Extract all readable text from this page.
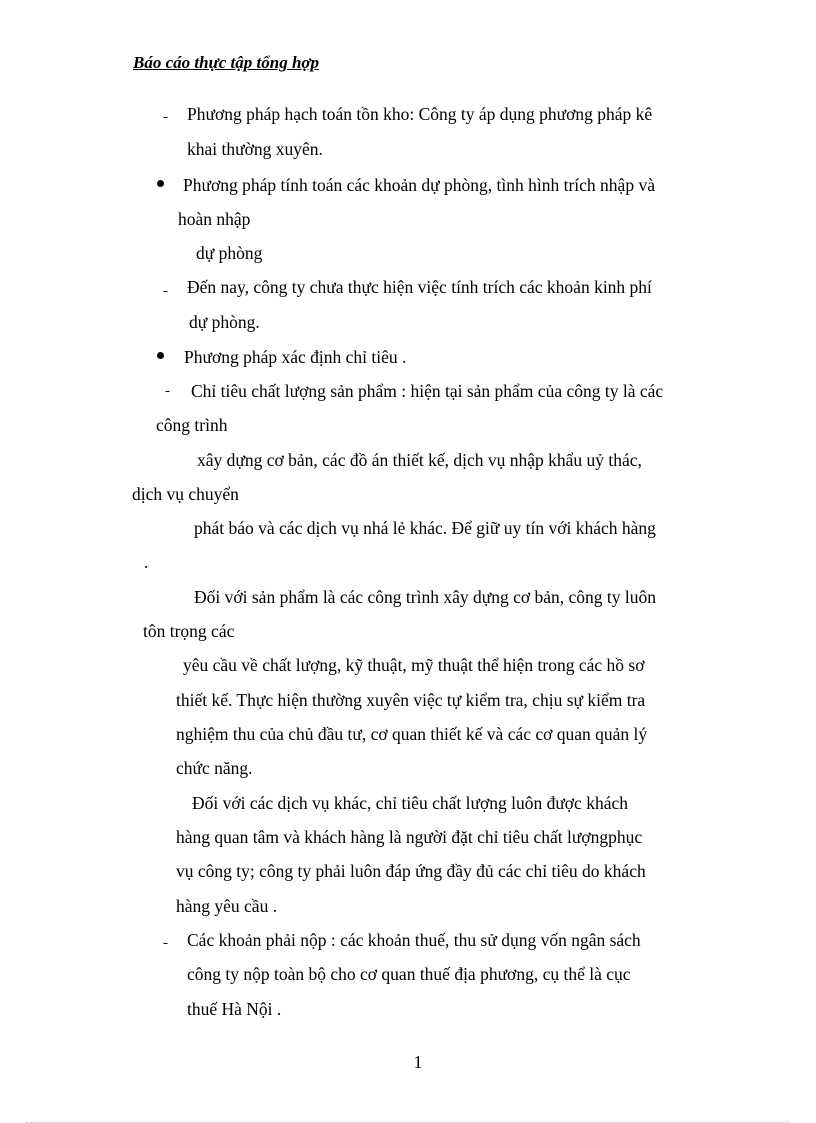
Báo cáo thực tập tổng hợp
- Phương pháp hạch toán tồn kho: Công ty áp dụng phương pháp kê
khai thường xuyên.
Phương pháp tính toán các khoản dự phòng, tình hình trích nhập và
hoàn nhập
dự phòng
- Đến nay, công ty chưa thực hiện việc tính trích các khoản kinh phí
dự phòng.
Phương pháp xác định chỉ tiêu .
- Chỉ tiêu chất lượng sản phẩm : hiện tại sản phẩm của công ty là các
công trình
xây dựng cơ bản, các đồ án thiết kế, dịch vụ nhập khẩu uỷ thác,
dịch vụ chuyển
phát báo và các dịch vụ nhá lẻ khác. Để giữ uy tín với khách hàng
.
Đối với sản phẩm là các công trình xây dựng cơ bản, công ty luôn
tôn trọng các
yêu cầu về chất lượng, kỹ thuật, mỹ thuật thể hiện trong các hồ sơ
thiết kế. Thực hiện thường xuyên việc tự kiểm tra, chịu sự kiểm tra
nghiệm thu của chủ đầu tư, cơ quan thiết kế và các cơ quan quản lý
chức năng.
Đối với các dịch vụ khác, chỉ tiêu chất lượng luôn được khách
hàng quan tâm và khách hàng là người đặt chỉ tiêu chất lượngphục
vụ công ty; công ty phải luôn đáp ứng đầy đủ các chỉ tiêu do khách
hàng yêu cầu .
- Các khoản phải nộp : các khoản thuế, thu sử dụng vốn ngân sách
công ty nộp toàn bộ cho cơ quan thuế địa phương, cụ thể là cục
thuế Hà Nội .
1
